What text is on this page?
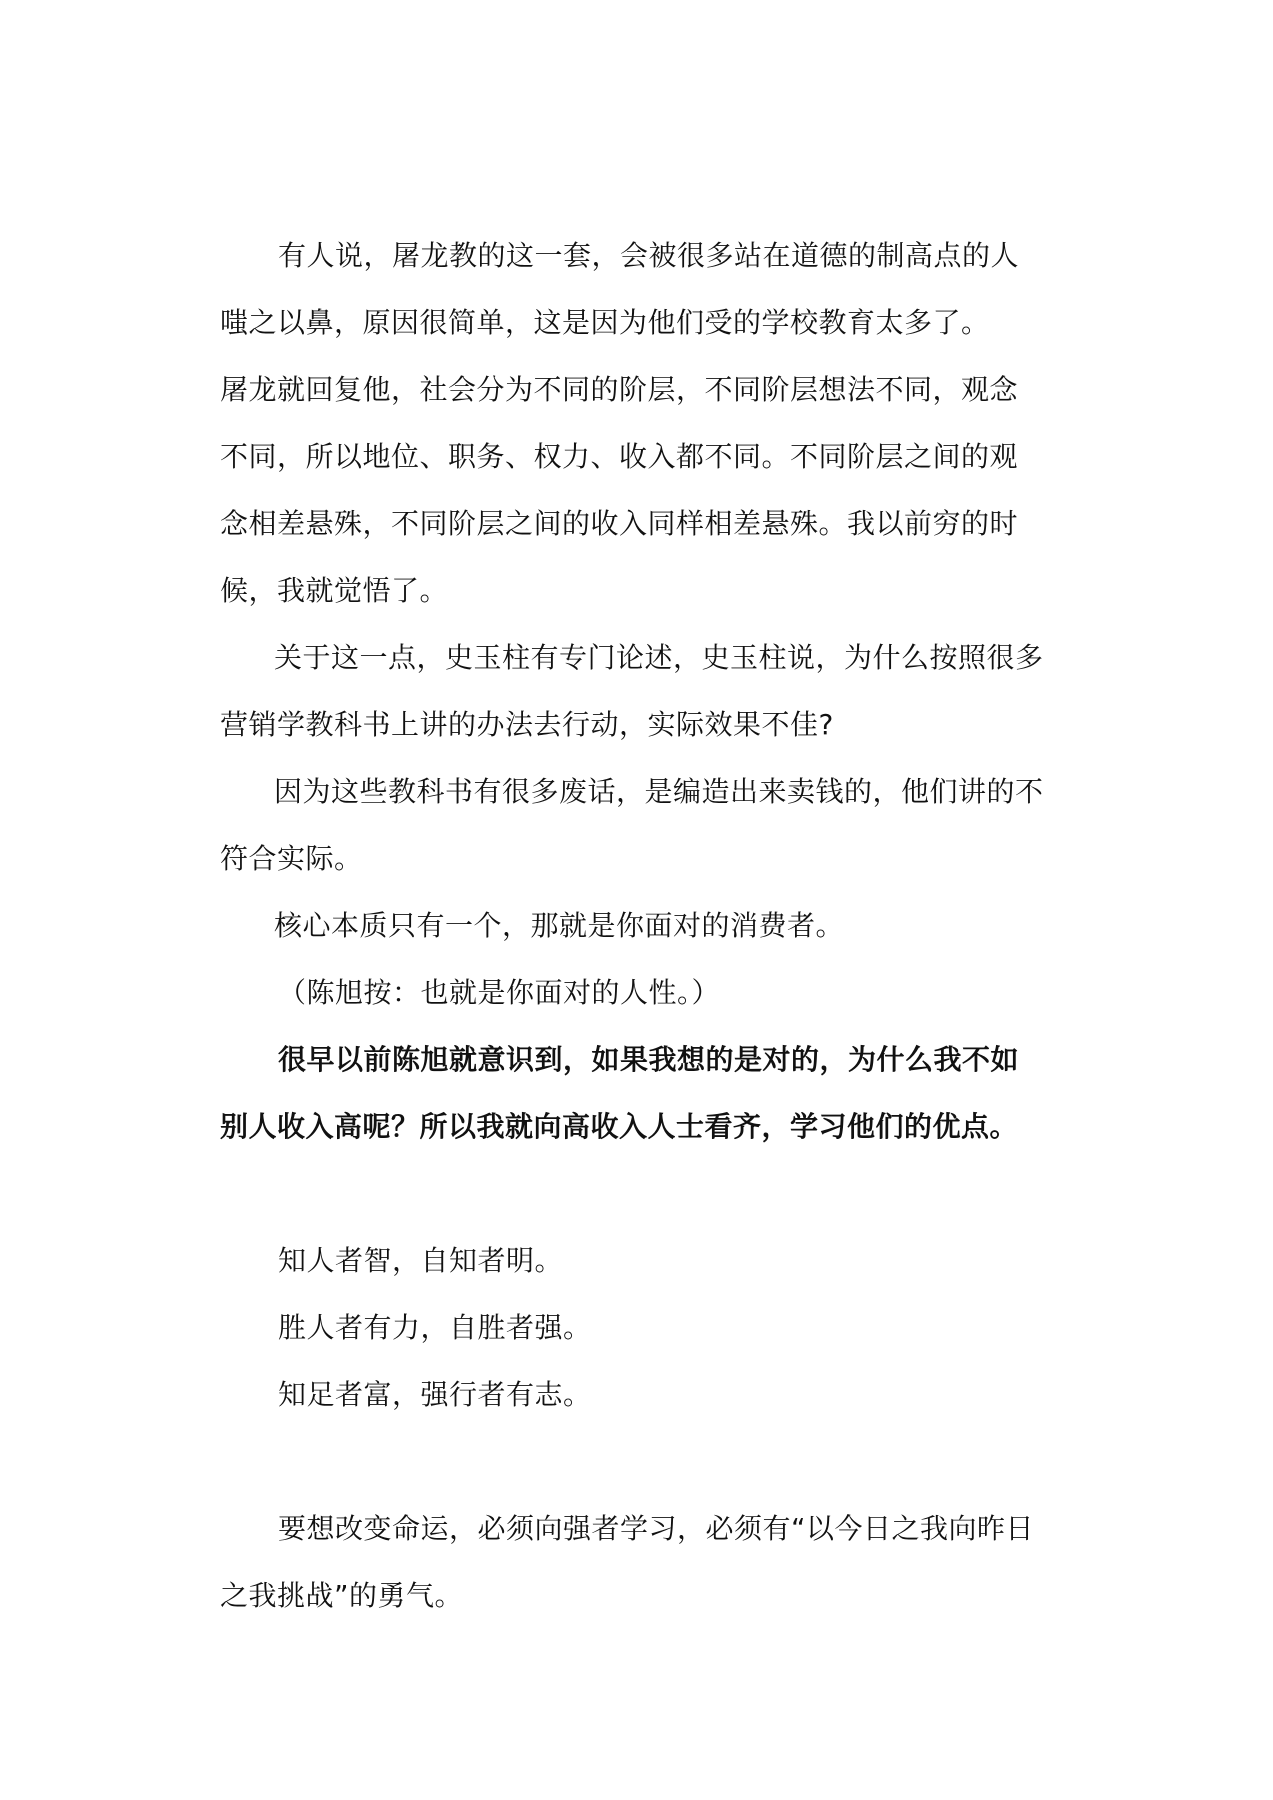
有人说，屠龙教的这一套，会被很多站在道德的制高点的人
嗤之以鼻，原因很简单，这是因为他们受的学校教育太多了。
屠龙就回复他，社会分为不同的阶层，不同阶层想法不同，观念
不同，所以地位、职务、权力、收入都不同。不同阶层之间的观
念相差悬殊，不同阶层之间的收入同样相差悬殊。我以前穷的时
候，我就觉悟了。
关于这一点，史玉柱有专门论述，史玉柱说，为什么按照很多
营销学教科书上讲的办法去行动，实际效果不佳?
因为这些教科书有很多废话，是编造出来卖钱的，他们讲的不
符合实际。
核心本质只有一个，那就是你面对的消费者。
（陈旭按：也就是你面对的人性。）
很早以前陈旭就意识到，如果我想的是对的，为什么我不如
别人收入高呢？所以我就向高收入人士看齐，学习他们的优点。
知人者智，自知者明。
胜人者有力，自胜者强。
知足者富，强行者有志。
要想改变命运，必须向强者学习，必须有“以今日之我向昨日
之我挑战”的勇气。
